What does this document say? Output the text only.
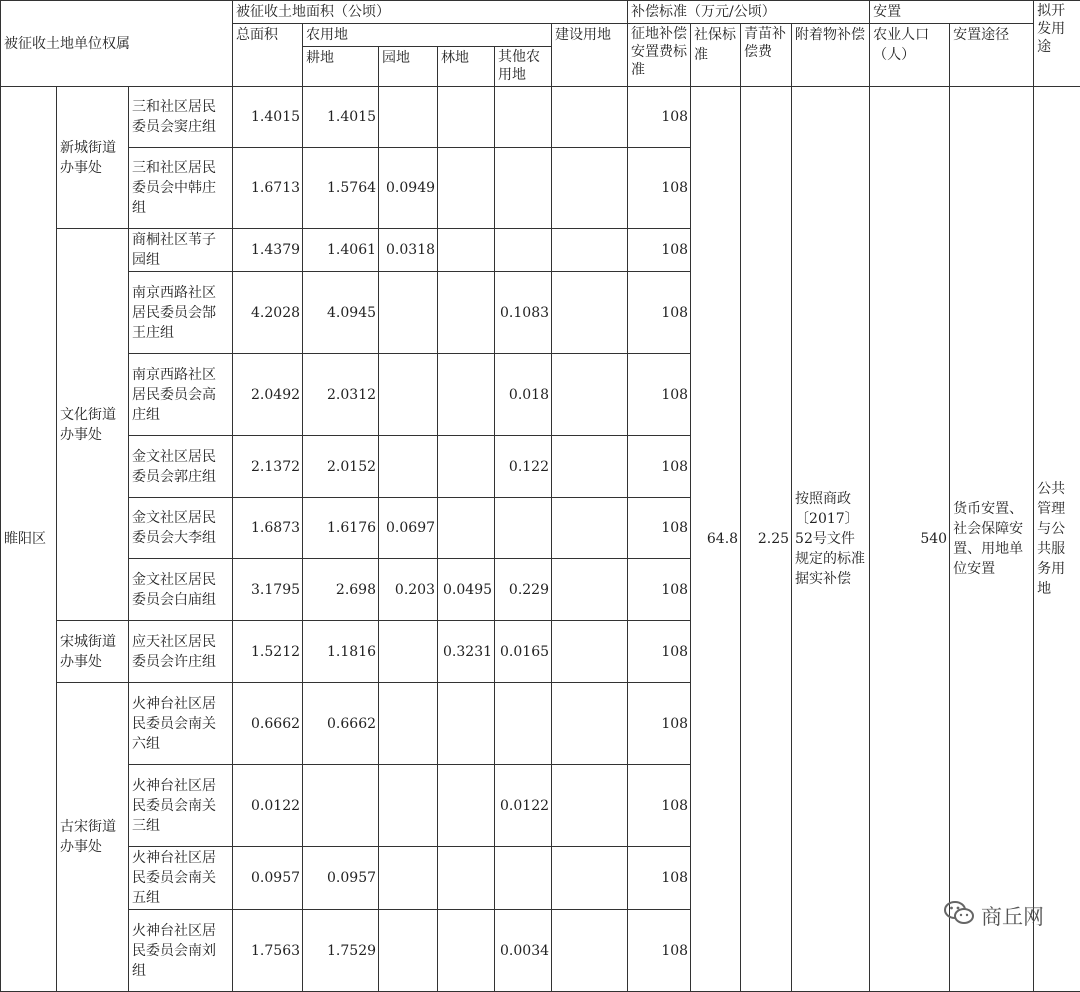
被征收土地单位权属			被征收土地面积（公顷）						补偿标准（万元/公顷）				安置		拟开发用途
			总面积	农用地				建设用地	征地补偿安置费标准	社保标准	青苗补偿费	附着物补偿	农业人口（人）	安置途径	
				耕地	园地	林地	其他农用地								
睢阳区	新城街道办事处	三和社区居民委员会窦庄组	1.4015	1.4015					108	64.8	2.25	按照商政〔2017〕52号文件规定的标准据实补偿	540	货币安置、社会保障安置、用地单位安置	公共管理与公共服务用地
		三和社区居民委员会中韩庄组	1.6713	1.5764	0.0949				108						
	文化街道办事处	商桐社区苇子园组	1.4379	1.4061	0.0318				108						
		南京西路社区居民委员会郜王庄组	4.2028	4.0945			0.1083		108						
		南京西路社区居民委员会高庄组	2.0492	2.0312			0.018		108						
		金文社区居民委员会郭庄组	2.1372	2.0152			0.122		108						
		金文社区居民委员会大李组	1.6873	1.6176	0.0697				108						
		金文社区居民委员会白庙组	3.1795	2.698	0.203	0.0495	0.229		108						
	宋城街道办事处	应天社区居民委员会许庄组	1.5212	1.1816		0.3231	0.0165		108						
	古宋街道办事处	火神台社区居民委员会南关六组	0.6662	0.6662					108						
		火神台社区居民委员会南关三组	0.0122				0.0122		108						
		火神台社区居民委员会南关五组	0.0957	0.0957					108						
		火神台社区居民委员会南刘组	1.7563	1.7529			0.0034		108						
商丘网
